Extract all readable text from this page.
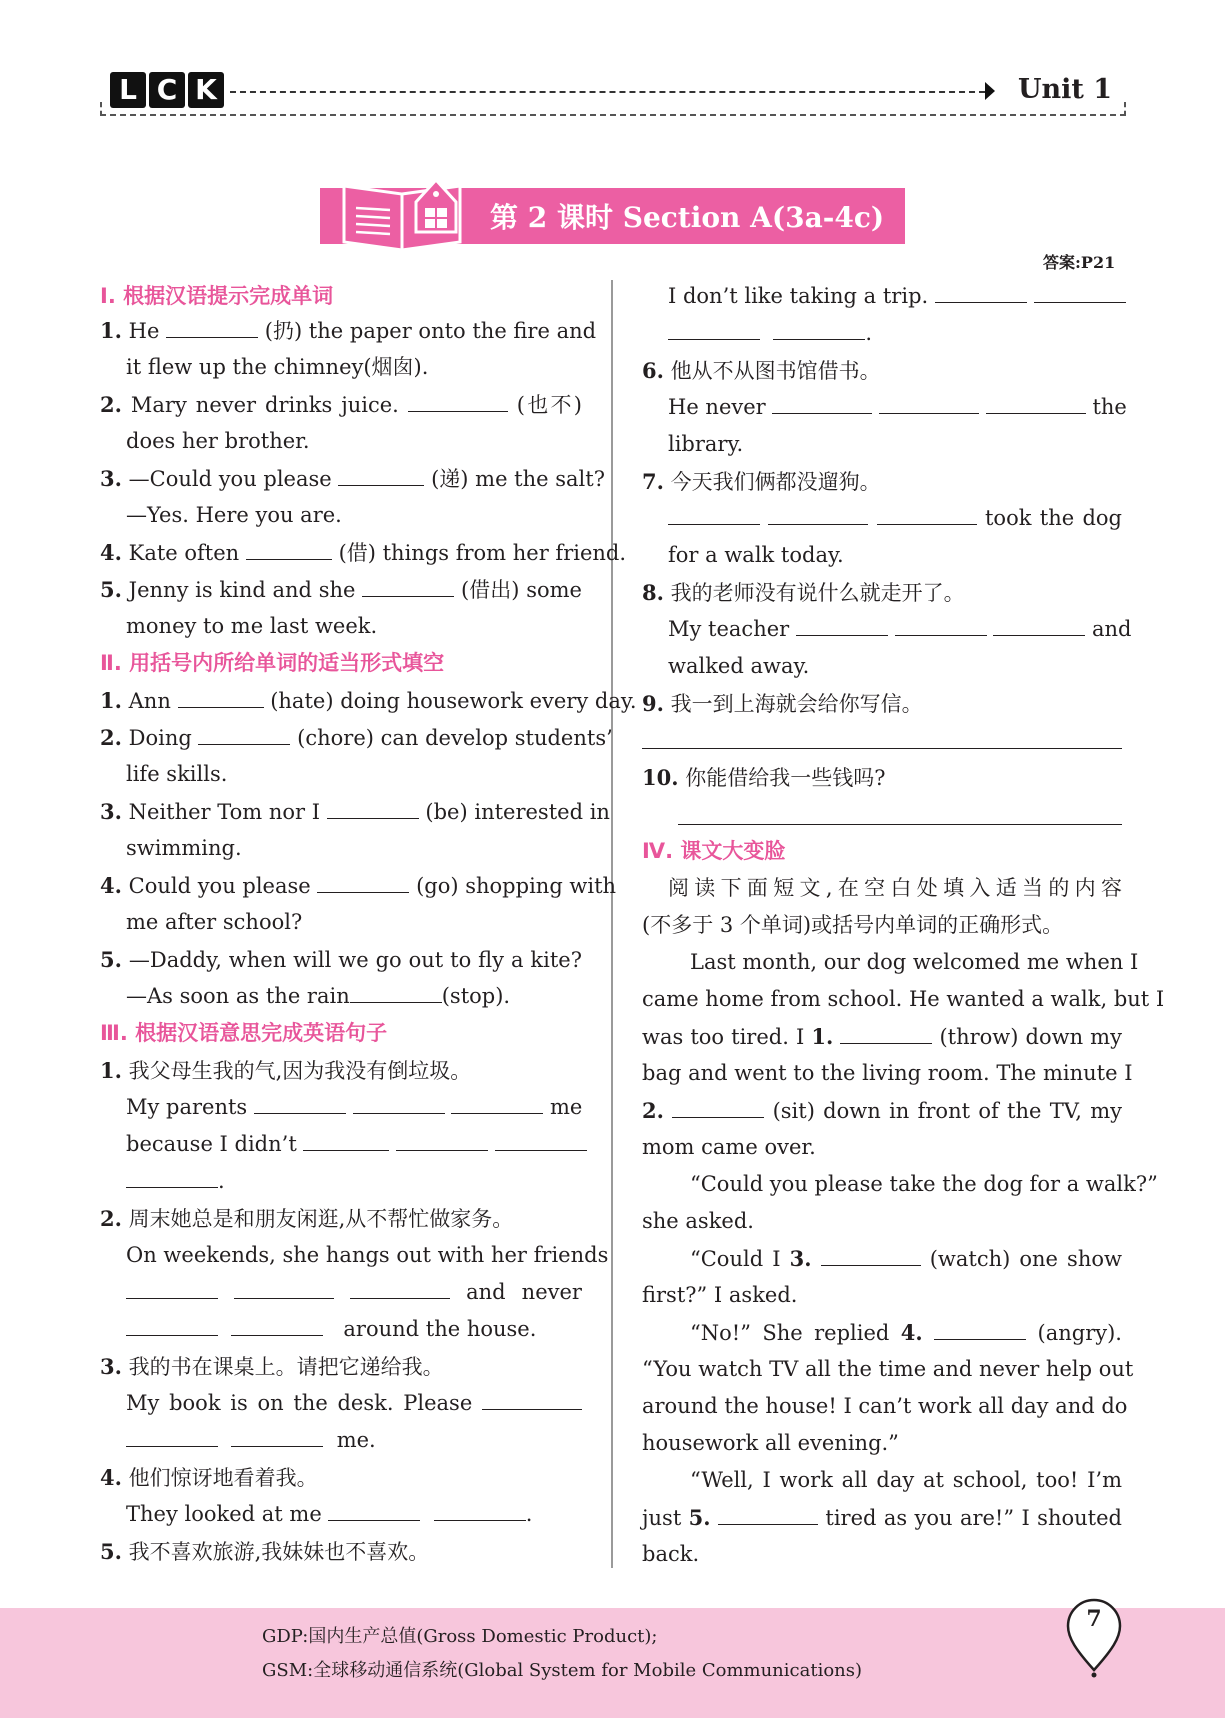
L C K	Unit 1
第 2 课时 Section A(3a-4c)
答案:P21
Ⅰ. 根据汉语提示完成单词
1. He	(扔) the paper onto the fire and
it flew up the chimney(烟囱).
2. Mary never drinks juice.	(也不)
does her brother.
3. —Could you please	(递) me the salt?
—Yes. Here you are.
4. Kate often	(借) things from her friend.
5. Jenny is kind and she	(借出) some
money to me last week.
Ⅱ. 用括号内所给单词的适当形式填空
1. Ann	(hate) doing housework every day.
2. Doing	(chore) can develop students’
life skills.
3. Neither Tom nor I	(be) interested in
swimming.
4. Could you please	(go) shopping with
me after school?
5. —Daddy, when will we go out to fly a kite?
—As soon as the rain	(stop).
Ⅲ. 根据汉语意思完成英语句子
1. 我父母生我的气,因为我没有倒垃圾。
My parents	me
because I didn’t
.
2. 周末她总是和朋友闲逛,从不帮忙做家务。
On weekends, she hangs out with her friends
and never
around the house.
3. 我的书在课桌上。请把它递给我。
My book is on the desk. Please
me.
4. 他们惊讶地看着我。
They looked at me	.
5. 我不喜欢旅游,我妹妹也不喜欢。
I don’t like taking a trip.
.
6. 他从不从图书馆借书。
He never	the
library.
7. 今天我们俩都没遛狗。
took the dog
for a walk today.
8. 我的老师没有说什么就走开了。
My teacher	and
walked away.
9. 我一到上海就会给你写信。
10. 你能借给我一些钱吗?
Ⅳ. 课文大变脸
阅读下面短文,在空白处填入适当的内容
(不多于 3 个单词)或括号内单词的正确形式。
Last month, our dog welcomed me when I
came home from school. He wanted a walk, but I
was too tired. I 1.	(throw) down my
bag and went to the living room. The minute I
2.	(sit) down in front of the TV, my
mom came over.
“Could you please take the dog for a walk?”
she asked.
“Could I 3.	(watch) one show
first?” I asked.
“No!” She replied 4.	(angry).
“You watch TV all the time and never help out
around the house! I can’t work all day and do
housework all evening.”
“Well, I work all day at school, too! I’m
just 5.	tired as you are!” I shouted
back.
GDP:国内生产总值(Gross Domestic Product);
GSM:全球移动通信系统(Global System for Mobile Communications)
7
